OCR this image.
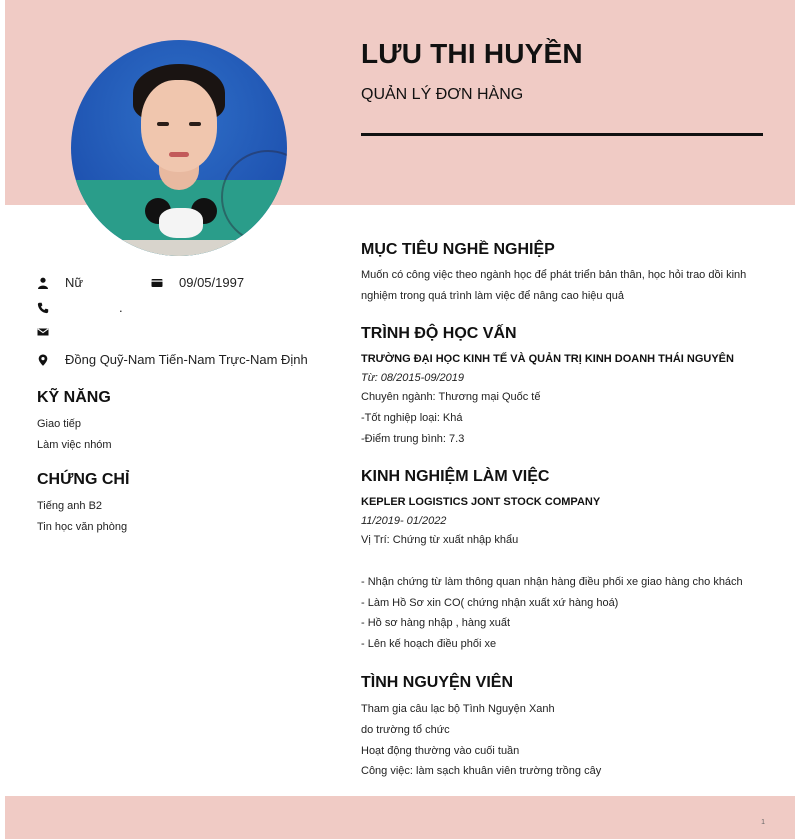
LƯU THI HUYỀN
QUẢN LÝ ĐƠN HÀNG
Nữ	09/05/1997
.
Đồng Quỹ-Nam Tiến-Nam Trực-Nam Định
KỸ NĂNG
Giao tiếp
Làm việc nhóm
CHỨNG CHỈ
Tiếng anh B2
Tin học văn phòng
MỤC TIÊU NGHỀ NGHIỆP
Muốn có công việc theo ngành học để phát triển bản thân, học hỏi trao dồi kinh nghiệm trong quá trình làm việc để nâng cao hiệu quả
TRÌNH ĐỘ HỌC VẤN
TRƯỜNG ĐẠI HỌC KINH TẾ VÀ QUẢN TRỊ KINH DOANH THÁI NGUYÊN
Từ: 08/2015-09/2019
Chuyên ngành: Thương mại Quốc tế
-Tốt nghiệp loại: Khá
-Điểm trung bình: 7.3
KINH NGHIỆM LÀM VIỆC
KEPLER LOGISTICS JONT STOCK COMPANY
11/2019- 01/2022
Vị Trí: Chứng từ xuất nhập khẩu
- Nhận chứng từ làm thông quan nhận hàng điều phối xe giao hàng cho khách
- Làm Hồ Sơ xin CO( chứng nhận xuất xứ hàng hoá)
- Hồ sơ hàng nhập , hàng xuất
- Lên kế hoạch điều phối xe
TÌNH NGUYỆN VIÊN
Tham gia câu lạc bộ Tình Nguyện Xanh
do trường tổ chức
Hoạt động thường vào cuối tuần
Công việc: làm sạch khuân viên trường trồng cây
1
